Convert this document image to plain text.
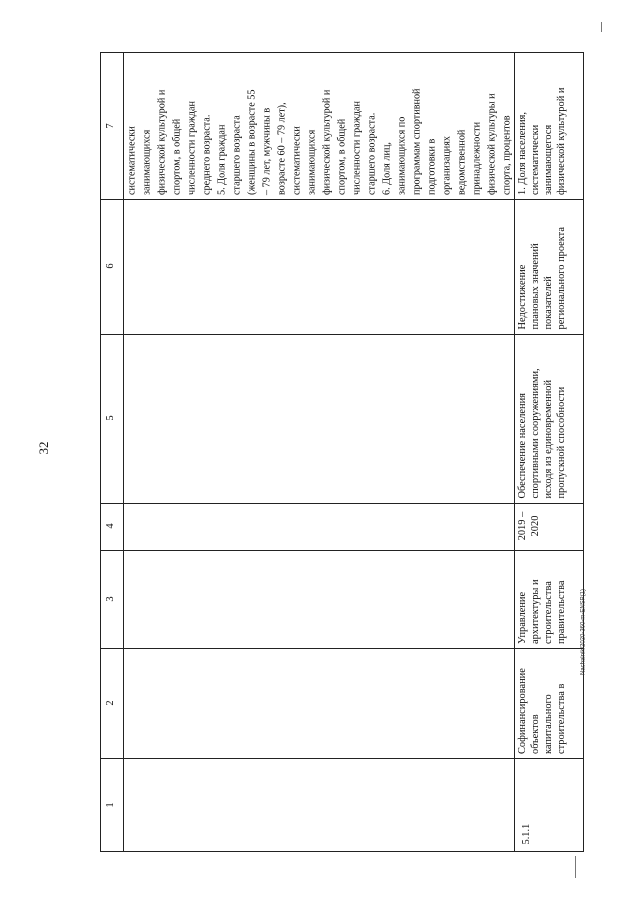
32
7
6
5
4
3
2
1

систематически занимающихся физической культурой и спортом, в общей численности граждан среднего возраста. 5. Доля граждан старшего возраста (женщины в возрасте 55 – 79 лет, мужчины в возрасте 60 – 79 лет), систематически занимающихся физической культурой и спортом, в общей численности граждан старшего возраста. 6. Доля лиц, занимающихся по программам спортивной подготовки в организациях ведомственной принадлежности физической культуры и спорта, процентов 1. Доля населения, систематически занимающегося физической культурой и

Недостижение плановых значений показателей регионального проекта

Обеспечение населения спортивными сооружениями, исходя из единовременной пропускной способности

2019 – 2020

Управление архитектуры и строительства правительства

Софинансирование объектов капитального строительства в

5.1.1
Nachalnik/2020-360-m-ENSP(1)
